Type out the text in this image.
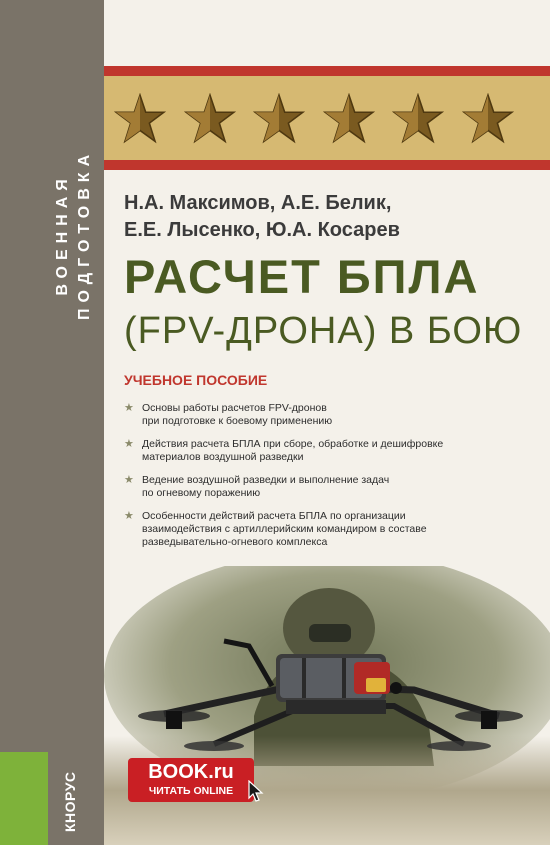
ВОЕННАЯ ПОДГОТОВКА
КНОРУС
Н.А. Максимов, А.Е. Белик,
Е.Е. Лысенко, Ю.А. Косарев
РАСЧЕТ БПЛА
(FPV-ДРОНА) В БОЮ
УЧЕБНОЕ ПОСОБИЕ
★ Основы работы расчетов FPV-дронов
при подготовке к боевому применению
★ Действия расчета БПЛА при сборе, обработке и дешифровке
материалов воздушной разведки
★ Ведение воздушной разведки и выполнение задач
по огневому поражению
★ Особенности действий расчета БПЛА по организации
взаимодействия с артиллерийским командиром в составе
разведывательно-огневого комплекса
BOOK.ru
ЧИТАТЬ ONLINE
